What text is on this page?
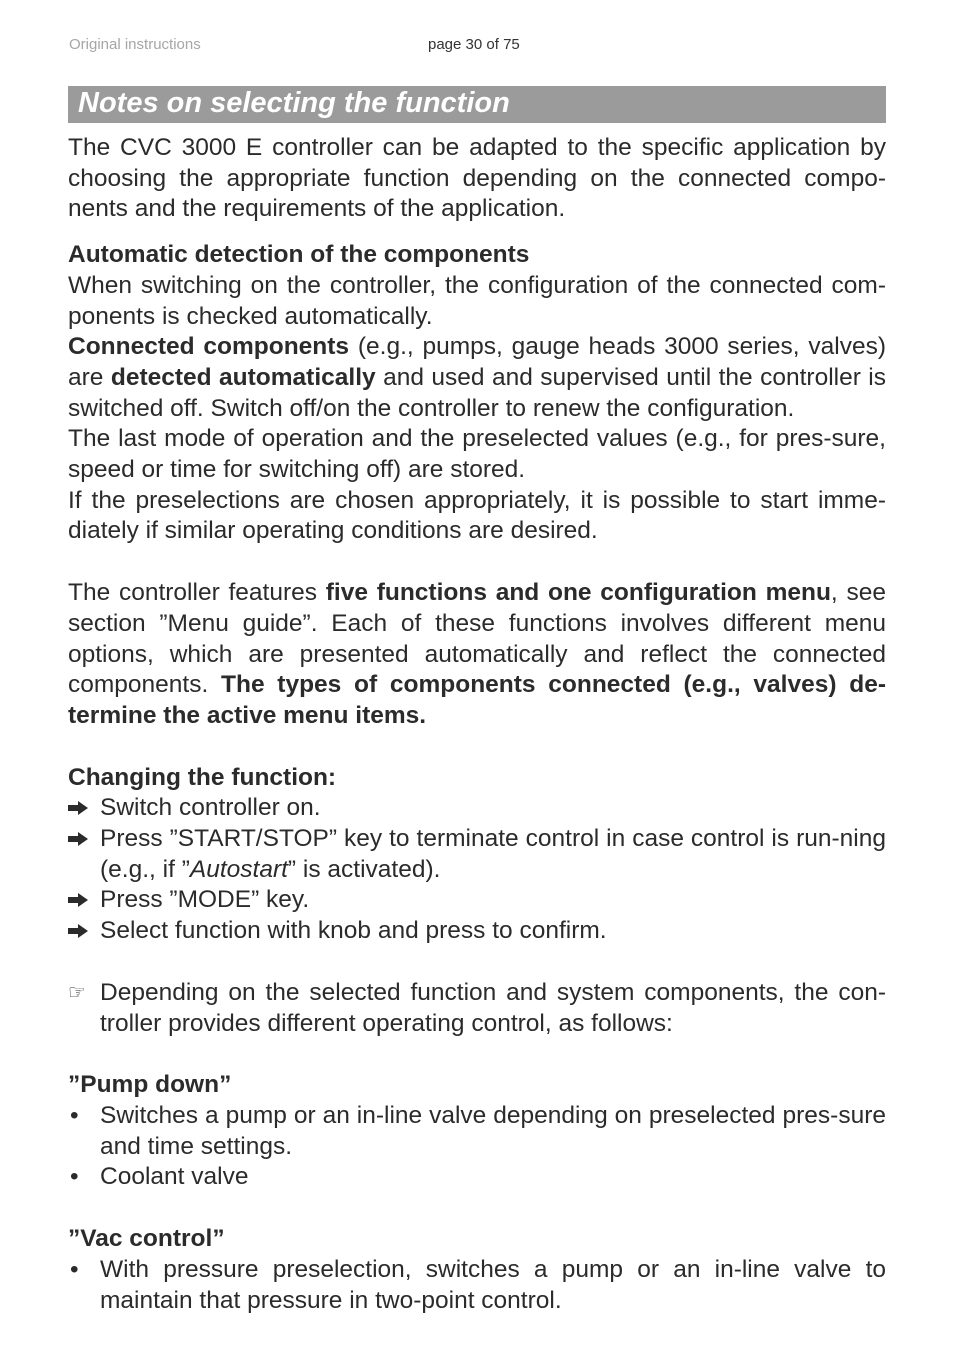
Original instructions	page 30 of 75
Notes on selecting the function

The CVC 3000 E controller can be adapted to the specific application by choosing the appropriate function depending on the connected compo-nents and the requirements of the application.

Automatic detection of the components

When switching on the controller, the configuration of the connected com-ponents is checked automatically.

Connected components (e.g., pumps, gauge heads 3000 series, valves) are detected automatically and used and supervised until the controller is switched off. Switch off/on the controller to renew the configuration.

The last mode of operation and the preselected values (e.g., for pres-sure, speed or time for switching off) are stored.

If the preselections are chosen appropriately, it is possible to start imme-diately if similar operating conditions are desired.

The controller features five functions and one configuration menu, see section ”Menu guide”. Each of these functions involves different menu options, which are presented automatically and reflect the connected components. The types of components connected (e.g., valves) de-termine the active menu items.

Changing the function:

Switch controller on.
Press ”START/STOP” key to terminate control in case control is run-ning (e.g., if ”Autostart” is activated).
Press ”MODE” key.
Select function with knob and press to confirm.
☞ Depending on the selected function and system components, the con-troller provides different operating control, as follows:

”Pump down”

• Switches a pump or an in-line valve depending on preselected pres-sure and time settings.
• Coolant valve

”Vac control”

• With pressure preselection, switches a pump or an in-line valve to maintain that pressure in two-point control.
